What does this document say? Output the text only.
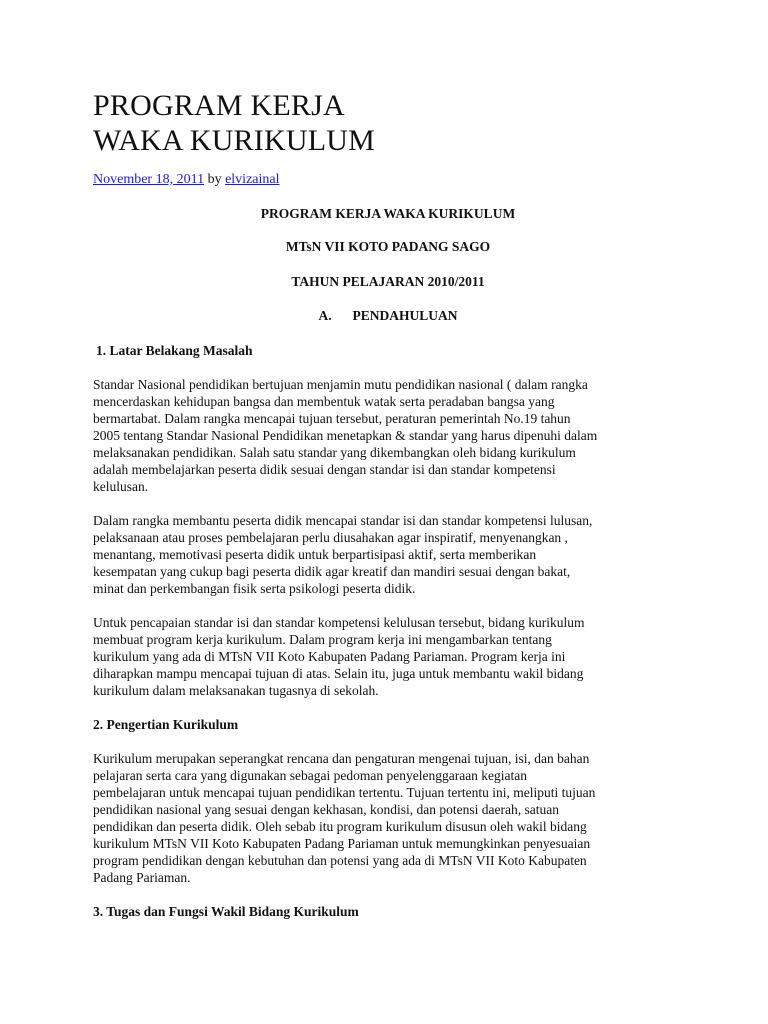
PROGRAM KERJA
WAKA KURIKULUM
November 18, 2011 by elvizainal

PROGRAM KERJA WAKA KURIKULUM

MTsN VII KOTO PADANG SAGO

TAHUN PELAJARAN 2010/2011

A. PENDAHULUAN

1. Latar Belakang Masalah

Standar Nasional pendidikan bertujuan menjamin mutu pendidikan nasional ( dalam rangka
mencerdaskan kehidupan bangsa dan membentuk watak serta peradaban bangsa yang
bermartabat. Dalam rangka mencapai tujuan tersebut, peraturan pemerintah No.19 tahun
2005 tentang Standar Nasional Pendidikan menetapkan & standar yang harus dipenuhi dalam
melaksanakan pendidikan. Salah satu standar yang dikembangkan oleh bidang kurikulum
adalah membelajarkan peserta didik sesuai dengan standar isi dan standar kompetensi
kelulusan.

Dalam rangka membantu peserta didik mencapai standar isi dan standar kompetensi lulusan,
pelaksanaan atau proses pembelajaran perlu diusahakan agar inspiratif, menyenangkan ,
menantang, memotivasi peserta didik untuk berpartisipasi aktif, serta memberikan
kesempatan yang cukup bagi peserta didik agar kreatif dan mandiri sesuai dengan bakat,
minat dan perkembangan fisik serta psikologi peserta didik.

Untuk pencapaian standar isi dan standar kompetensi kelulusan tersebut, bidang kurikulum
membuat program kerja kurikulum. Dalam program kerja ini mengambarkan tentang
kurikulum yang ada di MTsN VII Koto Kabupaten Padang Pariaman. Program kerja ini
diharapkan mampu mencapai tujuan di atas. Selain itu, juga untuk membantu wakil bidang
kurikulum dalam melaksanakan tugasnya di sekolah.

2. Pengertian Kurikulum

Kurikulum merupakan seperangkat rencana dan pengaturan mengenai tujuan, isi, dan bahan
pelajaran serta cara yang digunakan sebagai pedoman penyelenggaraan kegiatan
pembelajaran untuk mencapai tujuan pendidikan tertentu. Tujuan tertentu ini, meliputi tujuan
pendidikan nasional yang sesuai dengan kekhasan, kondisi, dan potensi daerah, satuan
pendidikan dan peserta didik. Oleh sebab itu program kurikulum disusun oleh wakil bidang
kurikulum MTsN VII Koto Kabupaten Padang Pariaman untuk memungkinkan penyesuaian
program pendidikan dengan kebutuhan dan potensi yang ada di MTsN VII Koto Kabupaten
Padang Pariaman.

3. Tugas dan Fungsi Wakil Bidang Kurikulum
